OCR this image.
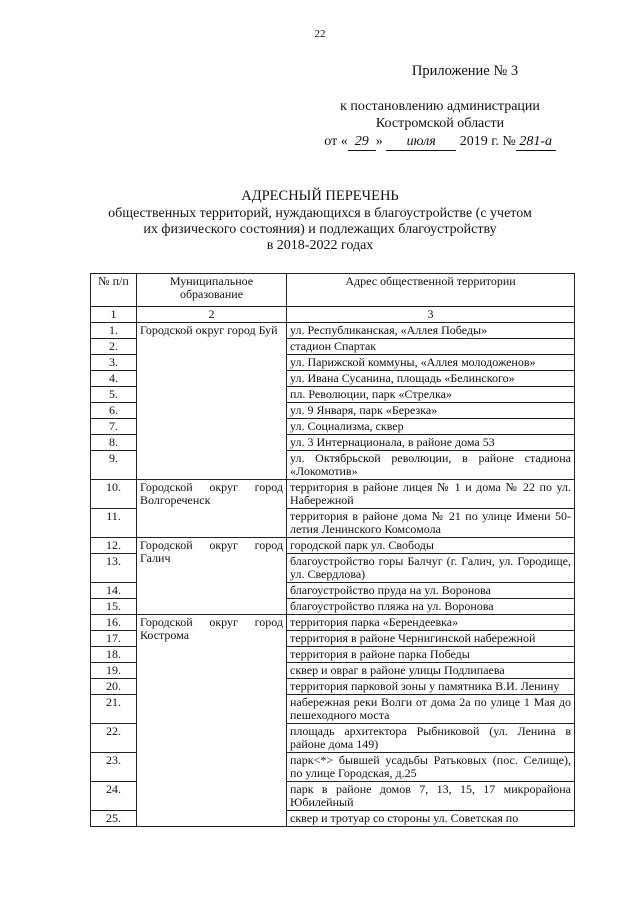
22
Приложение № 3
к постановлению администрации
Костромской области
от « 29 » июля 2019 г. № 281-а
АДРЕСНЫЙ ПЕРЕЧЕНЬ
общественных территорий, нуждающихся в благоустройстве (с учетом
их физического состояния) и подлежащих благоустройству
в 2018-2022 годах
№ п/п	Муниципальное образование	Адрес общественной территории
1	2	3
1.	Городской округ город Буй	ул. Республиканская, «Аллея Победы»
2.		стадион Спартак
3.		ул. Парижской коммуны, «Аллея молодоженов»
4.		ул. Ивана Сусанина, площадь «Белинского»
5.		пл. Революции, парк «Стрелка»
6.		ул. 9 Января, парк «Березка»
7.		ул. Социализма, сквер
8.		ул. 3 Интернационала, в районе дома 53
9.		ул. Октябрьской революции, в районе стадиона «Локомотив»
10.	Городской округ город Волгореченск	территория в районе лицея № 1 и дома № 22 по ул. Набережной
11.		территория в районе дома № 21 по улице Имени 50-летия Ленинского Комсомола
12.	Городской округ город Галич	городской парк ул. Свободы
13.		благоустройство горы Балчуг (г. Галич, ул. Городище, ул. Свердлова)
14.		благоустройство пруда на ул. Воронова
15.		благоустройство пляжа на ул. Воронова
16.	Городской округ город Кострома	территория парка «Берендеевка»
17.		территория в районе Чернигинской набережной
18.		территория в районе парка Победы
19.		сквер и овраг в районе улицы Подлипаева
20.		территория парковой зоны у памятника В.И. Ленину
21.		набережная реки Волги от дома 2а по улице 1 Мая до пешеходного моста
22.		площадь архитектора Рыбниковой (ул. Ленина в районе дома 149)
23.		парк<*> бывшей усадьбы Ратьковых (пос. Селище), по улице Городская, д.25
24.		парк в районе домов 7, 13, 15, 17 микрорайона Юбилейный
25.		сквер и тротуар со стороны ул. Советская по
